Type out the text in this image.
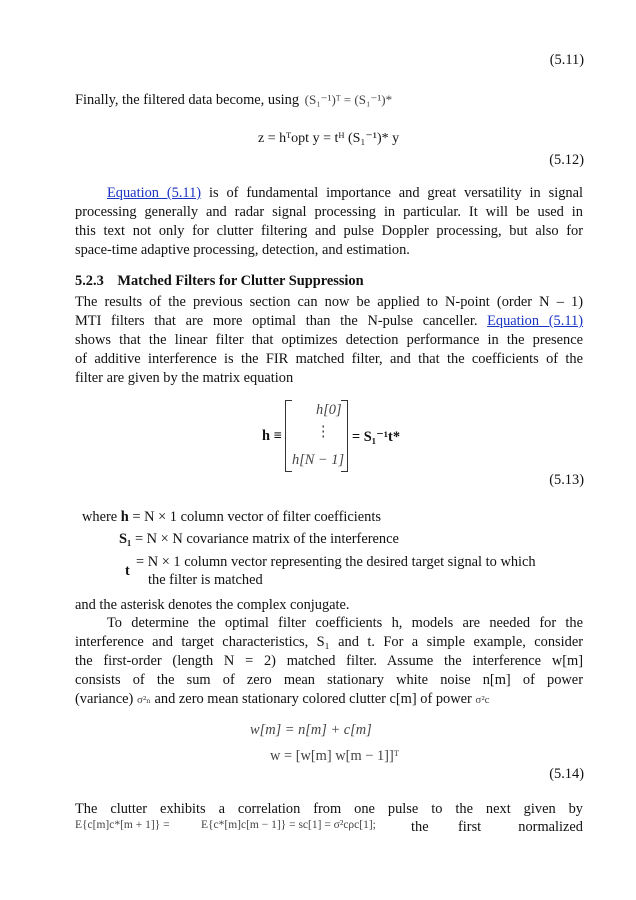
(5.11)
Finally, the filtered data become, using (S₁⁻¹)ᵀ = (S₁⁻¹)*
z = hᵀopt y = tᴴ (S₁⁻¹)* y
(5.12)
Equation (5.11) is of fundamental importance and great versatility in signal
processing generally and radar signal processing in particular. It will be used in
this text not only for clutter filtering and pulse Doppler processing, but also for
space-time adaptive processing, detection, and estimation.
5.2.3 Matched Filters for Clutter Suppression
The results of the previous section can now be applied to N-point (order N – 1)
MTI filters that are more optimal than the N-pulse canceller. Equation (5.11)
shows that the linear filter that optimizes detection performance in the presence
of additive interference is the FIR matched filter, and that the coefficients of the
filter are given by the matrix equation
h ≡
h[0]
⋮
h[N − 1]
= S₁⁻¹t*
(5.13)
where h = N × 1 column vector of filter coefficients
S₁ = N × N covariance matrix of the interference
t
= N × 1 column vector representing the desired target signal to which
the filter is matched
and the asterisk denotes the complex conjugate.
To determine the optimal filter coefficients h, models are needed for the
interference and target characteristics, S₁ and t. For a simple example, consider
the first-order (length N = 2) matched filter. Assume the interference w[m]
consists of the sum of zero mean stationary white noise n[m] of power
(variance) σ²ₙ and zero mean stationary colored clutter c[m] of power σ²c
w[m] = n[m] + c[m]
w = [w[m] w[m − 1]]ᵀ
(5.14)
The clutter exhibits a correlation from one pulse to the next given by
E{c[m]c*[m + 1]} =	E{c*[m]c[m − 1]} = sс[1] = σ²cρc[1]; the first	normalized
